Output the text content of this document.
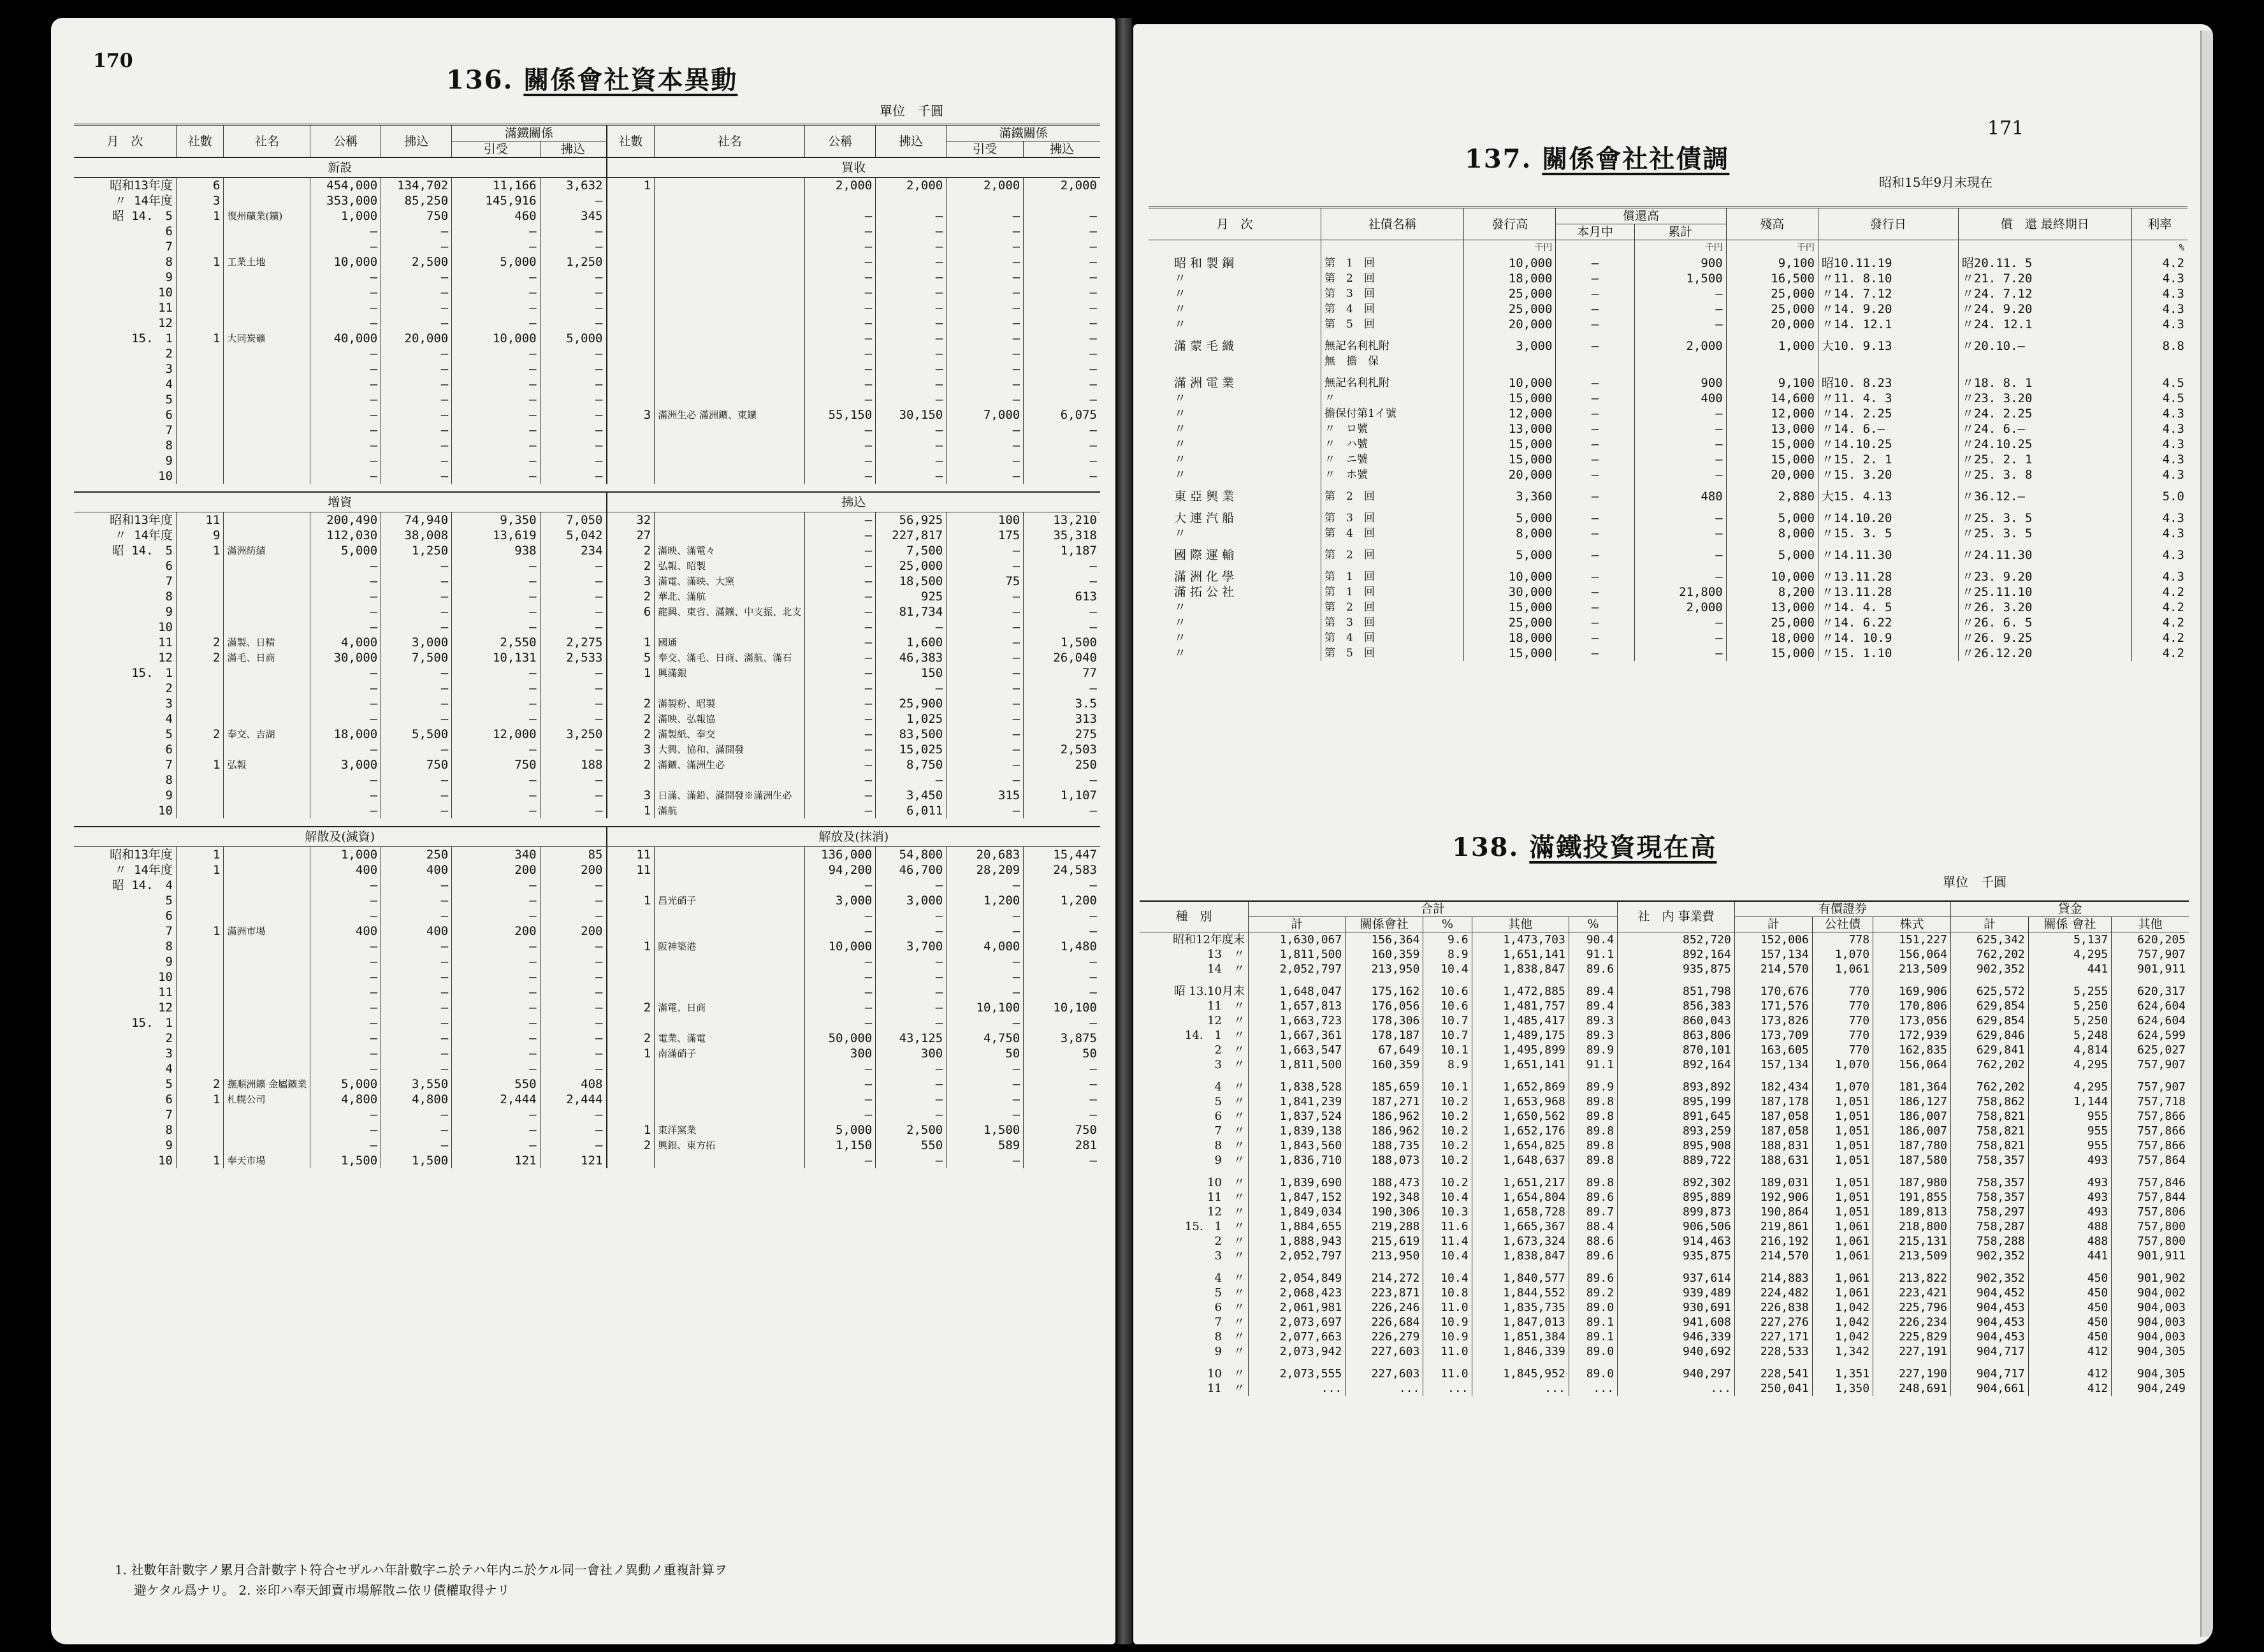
170
136. 關係會社資本異動
單位　千圓
月　次	社數	社名	公稱	拂込	滿鐵關係		社數	社名	公稱	拂込	滿鐵關係	
					引受	拂込					引受	拂込
新設							買收					
昭和13年度	6		454,000	134,702	11,166	3,632	1		2,000	2,000	2,000	2,000
〃 14年度	3		353,000	85,250	145,916	—						
昭 14.　5	1	復州礦業(鑛)	1,000	750	460	345			—	—	—	—
6			—	—	—	—			—	—	—	—
7			—	—	—	—			—	—	—	—
8	1	工業土地	10,000	2,500	5,000	1,250			—	—	—	—
9			—	—	—	—			—	—	—	—
10			—	—	—	—			—	—	—	—
11			—	—	—	—			—	—	—	—
12			—	—	—	—			—	—	—	—
15.　1	1	大同炭礦	40,000	20,000	10,000	5,000			—	—	—	—
2			—	—	—	—			—	—	—	—
3			—	—	—	—			—	—	—	—
4			—	—	—	—			—	—	—	—
5			—	—	—	—			—	—	—	—
6			—	—	—	—	3	滿洲生必 滿洲鑛、東鑛	55,150	30,150	7,000	6,075
7			—	—	—	—			—	—	—	—
8			—	—	—	—			—	—	—	—
9			—	—	—	—			—	—	—	—
10			—	—	—	—			—	—	—	—

增資							拂込					
昭和13年度	11		200,490	74,940	9,350	7,050	32		—	56,925	100	13,210
〃 14年度	9		112,030	38,008	13,619	5,042	27		—	227,817	175	35,318
昭 14.　5	1	滿洲紡績	5,000	1,250	938	234	2	滿映、滿電々	—	7,500	—	1,187
6			—	—	—	—	2	弘報、昭製	—	25,000	—	—
7			—	—	—	—	3	滿電、滿映、大窯	—	18,500	75	—
8			—	—	—	—	2	華北、滿航	—	925	—	613
9			—	—	—	—	6	龍興、東省、滿鑛、中支振、北支	—	81,734	—	—
10			—	—	—	—			—	—	—	—
11	2	滿製、日精	4,000	3,000	2,550	2,275	1	國通	—	1,600	—	1,500
12	2	滿毛、日商	30,000	7,500	10,131	2,533	5	奉交、滿毛、日商、滿航、滿石	—	46,383	—	26,040
15.　1			—	—	—	—	1	興滿銀	—	150	—	77
2			—	—	—	—			—	—	—	—
3			—	—	—	—	2	滿製粉、昭製	—	25,900	—	3.5
4			—	—	—	—	2	滿映、弘報協	—	1,025	—	313
5	2	奉交、吉湖	18,000	5,500	12,000	3,250	2	滿製紙、奉交	—	83,500	—	275
6			—	—	—	—	3	大興、協和、滿開發	—	15,025	—	2,503
7	1	弘報	3,000	750	750	188	2	滿鑛、滿洲生必	—	8,750	—	250
8			—	—	—	—			—	—	—	—
9			—	—	—	—	3	日滿、滿鉛、滿開發※滿洲生必	—	3,450	315	1,107
10			—	—	—	—	1	滿航	—	6,011	—	—

解散及(減資)							解放及(抹消)					
昭和13年度	1		1,000	250	340	85	11		136,000	54,800	20,683	15,447
〃 14年度	1		400	400	200	200	11		94,200	46,700	28,209	24,583
昭 14.　4			—	—	—	—			—	—	—	—
5			—	—	—	—	1	昌光硝子	3,000	3,000	1,200	1,200
6			—	—	—	—			—	—	—	—
7	1	滿洲市場	400	400	200	200			—	—	—	—
8			—	—	—	—	1	阪神築港	10,000	3,700	4,000	1,480
9			—	—	—	—			—	—	—	—
10			—	—	—	—			—	—	—	—
11			—	—	—	—			—	—	—	—
12			—	—	—	—	2	滿電、日商	—	—	10,100	10,100
15.　1			—	—	—	—			—	—	—	—
2			—	—	—	—	2	電業、滿電	50,000	43,125	4,750	3,875
3			—	—	—	—	1	南滿硝子	300	300	50	50
4			—	—	—	—			—	—	—	—
5	2	撫順洲鑛 金屬鑛業	5,000	3,550	550	408			—	—	—	—
6	1	札幌公司	4,800	4,800	2,444	2,444			—	—	—	—
7			—	—	—	—			—	—	—	—
8			—	—	—	—	1	東洋窯業	5,000	2,500	1,500	750
9			—	—	—	—	2	興銀、東方拓	1,150	550	589	281
10	1	奉天市場	1,500	1,500	121	121			—	—	—	—
1. 社數年計數字ノ累月合計數字ト符合セザルハ年計數字ニ於テハ年内ニ於ケル同一會社ノ異動ノ重複計算ヲ
避ケタル爲ナリ。 2. ※印ハ奉天卸賣市場解散ニ依リ債權取得ナリ
171
137. 關係會社社債調
昭和15年9月末現在
月　次	社債名稱	發行高	償還高		殘高	發行日	償　還 最終期日	利率
			本月中	累計				
		千円		千円	千円			%
昭 和 製 鋼	第　1　回	10,000	—	900	9,100	昭10.11.19	昭20.11. 5	4.2
〃	第　2　回	18,000	—	1,500	16,500	〃11. 8.10	〃21. 7.20	4.3
〃	第　3　回	25,000	—	—	25,000	〃14. 7.12	〃24. 7.12	4.3
〃	第　4　回	25,000	—	—	25,000	〃14. 9.20	〃24. 9.20	4.3
〃	第　5　回	20,000	—	—	20,000	〃14. 12.1	〃24. 12.1	4.3
滿 蒙 毛 織	無記名利札附	3,000	—	2,000	1,000	大10. 9.13	〃20.10.—	8.8
	無　擔　保							
滿 洲 電 業	無記名利札附	10,000	—	900	9,100	昭10. 8.23	〃18. 8. 1	4.5
〃	〃	15,000	—	400	14,600	〃11. 4. 3	〃23. 3.20	4.5
〃	擔保付第1イ號	12,000	—	—	12,000	〃14. 2.25	〃24. 2.25	4.3
〃	〃　ロ號	13,000	—	—	13,000	〃14. 6.—	〃24. 6.—	4.3
〃	〃　ハ號	15,000	—	—	15,000	〃14.10.25	〃24.10.25	4.3
〃	〃　ニ號	15,000	—	—	15,000	〃15. 2. 1	〃25. 2. 1	4.3
〃	〃　ホ號	20,000	—	—	20,000	〃15. 3.20	〃25. 3. 8	4.3
東 亞 興 業	第　2　回	3,360	—	480	2,880	大15. 4.13	〃36.12.—	5.0
大 連 汽 船	第　3　回	5,000	—	—	5,000	〃14.10.20	〃25. 3. 5	4.3
〃	第　4　回	8,000	—	—	8,000	〃15. 3. 5	〃25. 3. 5	4.3
國 際 運 輸	第　2　回	5,000	—	—	5,000	〃14.11.30	〃24.11.30	4.3
滿 洲 化 學	第　1　回	10,000	—	—	10,000	〃13.11.28	〃23. 9.20	4.3
滿 拓 公 社	第　1　回	30,000	—	21,800	8,200	〃13.11.28	〃25.11.10	4.2
〃	第　2　回	15,000	—	2,000	13,000	〃14. 4. 5	〃26. 3.20	4.2
〃	第　3　回	25,000	—	—	25,000	〃14. 6.22	〃26. 6. 5	4.2
〃	第　4　回	18,000	—	—	18,000	〃14. 10.9	〃26. 9.25	4.2
〃	第　5　回	15,000	—	—	15,000	〃15. 1.10	〃26.12.20	4.2
138. 滿鐵投資現在高
單位　千圓
種　別	合計					社　内 事業費	有價證券			貸金		
	計	關係會社	%	其他	%		計	公社債	株式	計	關係 會社	其他
昭和12年度末	1,630,067	156,364	9.6	1,473,703	90.4	852,720	152,006	778	151,227	625,342	5,137	620,205
13　〃	1,811,500	160,359	8.9	1,651,141	91.1	892,164	157,134	1,070	156,064	762,202	4,295	757,907
14　〃	2,052,797	213,950	10.4	1,838,847	89.6	935,875	214,570	1,061	213,509	902,352	441	901,911
昭 13.10月末	1,648,047	175,162	10.6	1,472,885	89.4	851,798	170,676	770	169,906	625,572	5,255	620,317
11　〃	1,657,813	176,056	10.6	1,481,757	89.4	856,383	171,576	770	170,806	629,854	5,250	624,604
12　〃	1,663,723	178,306	10.7	1,485,417	89.3	860,043	173,826	770	173,056	629,854	5,250	624,604
14.　1　〃	1,667,361	178,187	10.7	1,489,175	89.3	863,806	173,709	770	172,939	629,846	5,248	624,599
2　〃	1,663,547	67,649	10.1	1,495,899	89.9	870,101	163,605	770	162,835	629,841	4,814	625,027
3　〃	1,811,500	160,359	8.9	1,651,141	91.1	892,164	157,134	1,070	156,064	762,202	4,295	757,907
4　〃	1,838,528	185,659	10.1	1,652,869	89.9	893,892	182,434	1,070	181,364	762,202	4,295	757,907
5　〃	1,841,239	187,271	10.2	1,653,968	89.8	895,199	187,178	1,051	186,127	758,862	1,144	757,718
6　〃	1,837,524	186,962	10.2	1,650,562	89.8	891,645	187,058	1,051	186,007	758,821	955	757,866
7　〃	1,839,138	186,962	10.2	1,652,176	89.8	893,259	187,058	1,051	186,007	758,821	955	757,866
8　〃	1,843,560	188,735	10.2	1,654,825	89.8	895,908	188,831	1,051	187,780	758,821	955	757,866
9　〃	1,836,710	188,073	10.2	1,648,637	89.8	889,722	188,631	1,051	187,580	758,357	493	757,864
10　〃	1,839,690	188,473	10.2	1,651,217	89.8	892,302	189,031	1,051	187,980	758,357	493	757,846
11　〃	1,847,152	192,348	10.4	1,654,804	89.6	895,889	192,906	1,051	191,855	758,357	493	757,844
12　〃	1,849,034	190,306	10.3	1,658,728	89.7	899,873	190,864	1,051	189,813	758,297	493	757,806
15.　1　〃	1,884,655	219,288	11.6	1,665,367	88.4	906,506	219,861	1,061	218,800	758,287	488	757,800
2　〃	1,888,943	215,619	11.4	1,673,324	88.6	914,463	216,192	1,061	215,131	758,288	488	757,800
3　〃	2,052,797	213,950	10.4	1,838,847	89.6	935,875	214,570	1,061	213,509	902,352	441	901,911
4　〃	2,054,849	214,272	10.4	1,840,577	89.6	937,614	214,883	1,061	213,822	902,352	450	901,902
5　〃	2,068,423	223,871	10.8	1,844,552	89.2	939,489	224,482	1,061	223,421	904,452	450	904,002
6　〃	2,061,981	226,246	11.0	1,835,735	89.0	930,691	226,838	1,042	225,796	904,453	450	904,003
7　〃	2,073,697	226,684	10.9	1,847,013	89.1	941,608	227,276	1,042	226,234	904,453	450	904,003
8　〃	2,077,663	226,279	10.9	1,851,384	89.1	946,339	227,171	1,042	225,829	904,453	450	904,003
9　〃	2,073,942	227,603	11.0	1,846,339	89.0	940,692	228,533	1,342	227,191	904,717	412	904,305
10　〃	2,073,555	227,603	11.0	1,845,952	89.0	940,297	228,541	1,351	227,190	904,717	412	904,305
11　〃	...	...	...	...	...	...	250,041	1,350	248,691	904,661	412	904,249
